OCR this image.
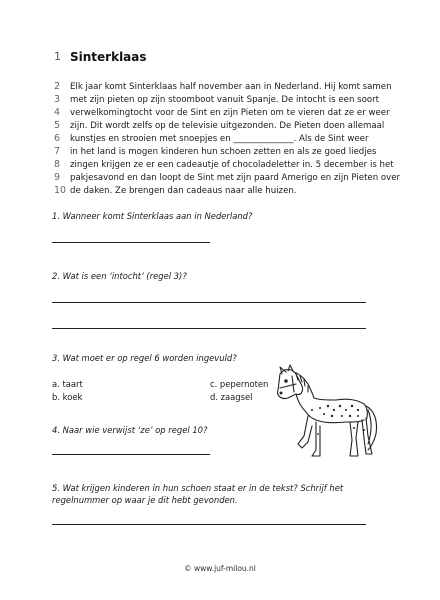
1 Sinterklaas
2	Elk jaar komt Sinterklaas half november aan in Nederland. Hij komt samen
3	met zijn pieten op zijn stoomboot vanuit Spanje. De intocht is een soort
4	verwelkomingtocht voor de Sint en zijn Pieten om te vieren dat ze er weer
5	zijn. Dit wordt zelfs op de televisie uitgezonden. De Pieten doen allemaal
6	kunstjes en strooien met snoepjes en ______________. Als de Sint weer
7	in het land is mogen kinderen hun schoen zetten en als ze goed liedjes
8	zingen krijgen ze er een cadeautje of chocoladeletter in. 5 december is het
9	pakjesavond en dan loopt de Sint met zijn paard Amerigo en zijn Pieten over
10 de daken. Ze brengen dan cadeaus naar alle huizen.
1. Wanneer komt Sinterklaas aan in Nederland?
2. Wat is een ‘intocht’ (regel 3)?
3. Wat moet er op regel 6 worden ingevuld?
a. taart
b. koek
c. pepernoten
d. zaagsel
4. Naar wie verwijst ‘ze’ op regel 10?
5. Wat krijgen kinderen in hun schoen staat er in de tekst? Schrijf het
regelnummer op waar je dit hebt gevonden.
© www.juf-milou.nl
